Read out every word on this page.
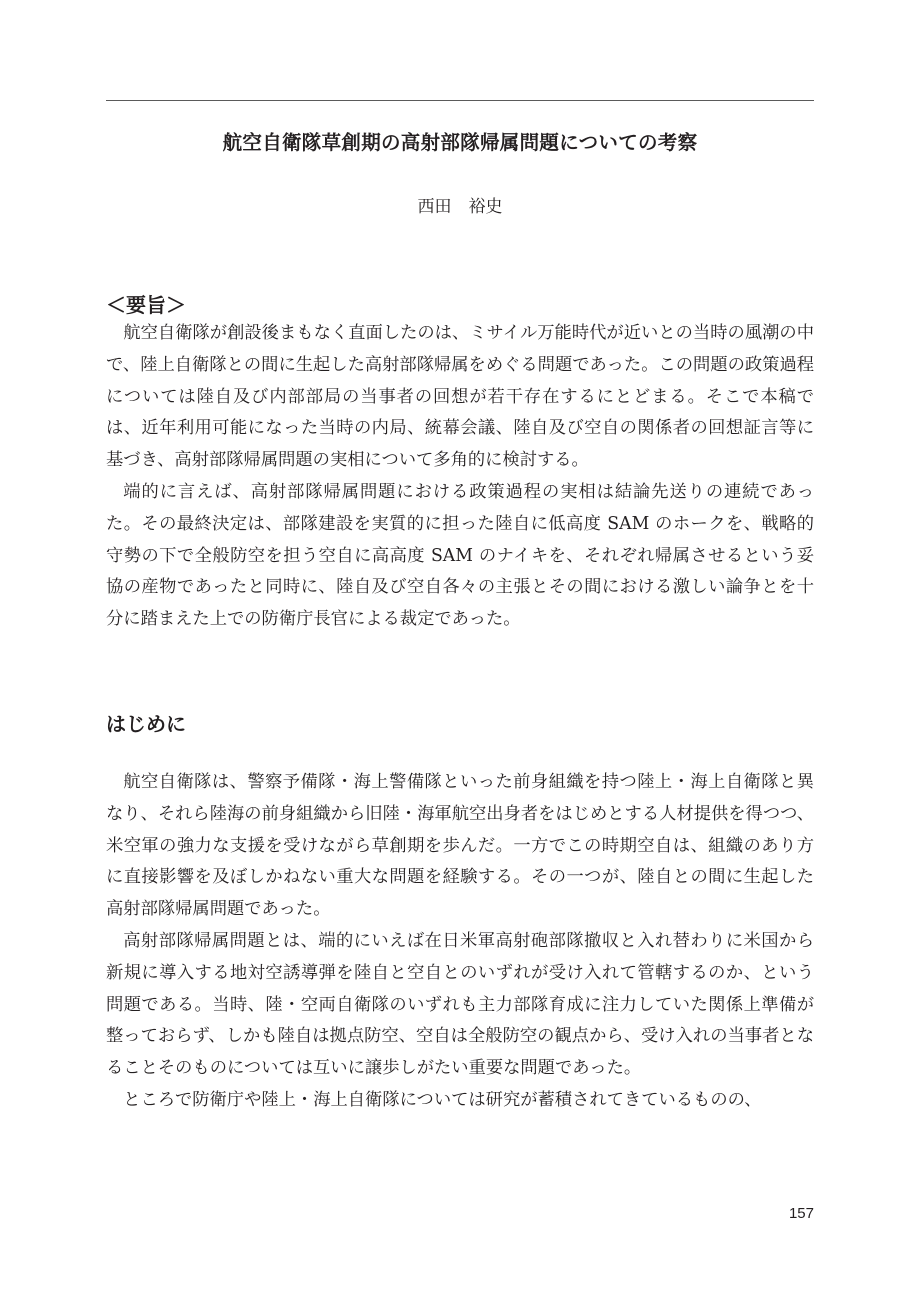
航空自衛隊草創期の高射部隊帰属問題についての考察
西田　裕史
＜要旨＞

航空自衛隊が創設後まもなく直面したのは、ミサイル万能時代が近いとの当時の風潮の中で、陸上自衛隊との間に生起した高射部隊帰属をめぐる問題であった。この問題の政策過程については陸自及び内部部局の当事者の回想が若干存在するにとどまる。そこで本稿では、近年利用可能になった当時の内局、統幕会議、陸自及び空自の関係者の回想証言等に基づき、高射部隊帰属問題の実相について多角的に検討する。

端的に言えば、高射部隊帰属問題における政策過程の実相は結論先送りの連続であった。その最終決定は、部隊建設を実質的に担った陸自に低高度 SAM のホークを、戦略的守勢の下で全般防空を担う空自に高高度 SAM のナイキを、それぞれ帰属させるという妥協の産物であったと同時に、陸自及び空自各々の主張とその間における激しい論争とを十分に踏まえた上での防衛庁長官による裁定であった。

はじめに

航空自衛隊は、警察予備隊・海上警備隊といった前身組織を持つ陸上・海上自衛隊と異なり、それら陸海の前身組織から旧陸・海軍航空出身者をはじめとする人材提供を得つつ、米空軍の強力な支援を受けながら草創期を歩んだ。一方でこの時期空自は、組織のあり方に直接影響を及ぼしかねない重大な問題を経験する。その一つが、陸自との間に生起した高射部隊帰属問題であった。

高射部隊帰属問題とは、端的にいえば在日米軍高射砲部隊撤収と入れ替わりに米国から新規に導入する地対空誘導弾を陸自と空自とのいずれが受け入れて管轄するのか、という問題である。当時、陸・空両自衛隊のいずれも主力部隊育成に注力していた関係上準備が整っておらず、しかも陸自は拠点防空、空自は全般防空の観点から、受け入れの当事者となることそのものについては互いに譲歩しがたい重要な問題であった。

ところで防衛庁や陸上・海上自衛隊については研究が蓄積されてきているものの、

157
